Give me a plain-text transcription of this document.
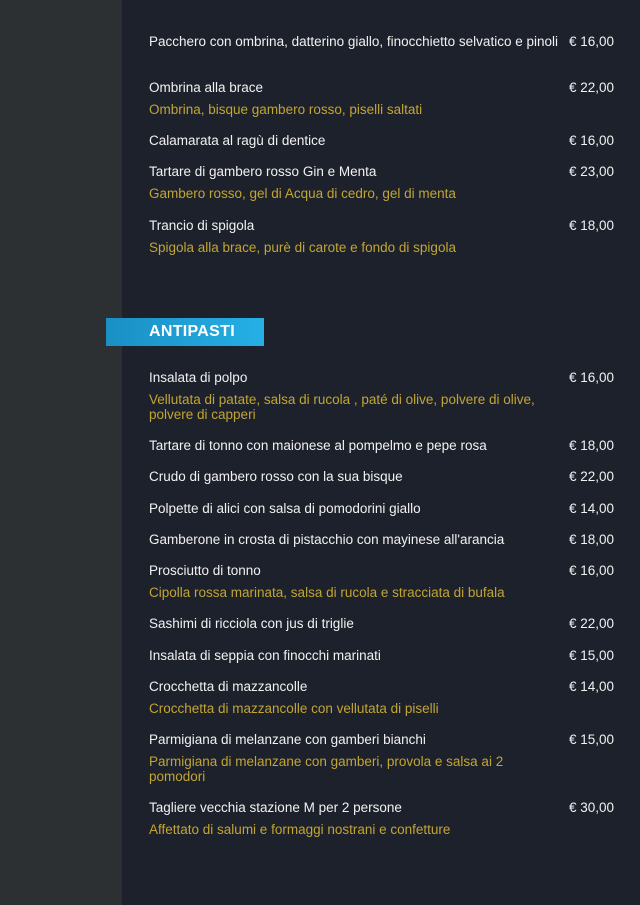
Pacchero con ombrina, datterino giallo, finocchietto selvatico e pinoli € 16,00
Ombrina alla brace	€ 22,00
Ombrina, bisque gambero rosso, piselli saltati
Calamarata al ragù di dentice	€ 16,00
Tartare di gambero rosso Gin e Menta	€ 23,00
Gambero rosso, gel di Acqua di cedro, gel di menta
Trancio di spigola	€ 18,00
Spigola alla brace, purè di carote e fondo di spigola
Insalata di polpo	€ 16,00
Vellutata di patate, salsa di rucola , paté di olive, polvere di olive, polvere di capperi
Tartare di tonno con maionese al pompelmo e pepe rosa	€ 18,00
Crudo di gambero rosso con la sua bisque	€ 22,00
Polpette di alici con salsa di pomodorini giallo	€ 14,00
Gamberone in crosta di pistacchio con mayinese all'arancia	€ 18,00
Prosciutto di tonno	€ 16,00
Cipolla rossa marinata, salsa di rucola e stracciata di bufala
Sashimi di ricciola con jus di triglie	€ 22,00
Insalata di seppia con finocchi marinati	€ 15,00
Crocchetta di mazzancolle	€ 14,00
Crocchetta di mazzancolle con vellutata di piselli
Parmigiana di melanzane con gamberi bianchi	€ 15,00
Parmigiana di melanzane con gamberi, provola e salsa ai 2 pomodori
Tagliere vecchia stazione M per 2 persone	€ 30,00
Affettato di salumi e formaggi nostrani e confetture
ANTIPASTI
